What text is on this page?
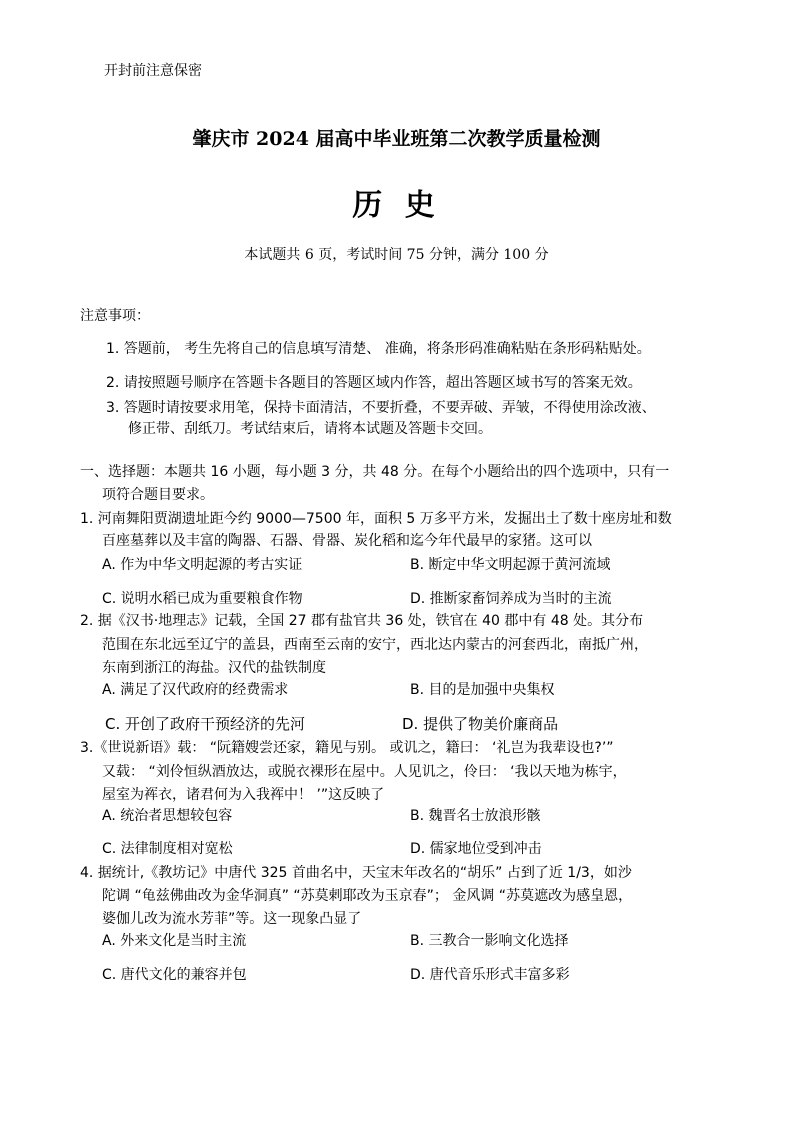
开封前注意保密
肇庆市 2024 届高中毕业班第二次教学质量检测
历 史
本试题共 6 页，考试时间 75 分钟，满分 100 分
注意事项：
1. 答题前， 考生先将自己的信息填写清楚、 准确，将条形码准确粘贴在条形码粘贴处。
2. 请按照题号顺序在答题卡各题目的答题区域内作答，超出答题区域书写的答案无效。
3. 答题时请按要求用笔，保持卡面清洁，不要折叠，不要弄破、弄皱，不得使用涂改液、
修正带、刮纸刀。考试结束后，请将本试题及答题卡交回。
一、选择题：本题共 16 小题，每小题 3 分，共 48 分。在每个小题给出的四个选项中，只有一
项符合题目要求。
1. 河南舞阳贾湖遗址距今约 9000—7500 年，面积 5 万多平方米，发掘出土了数十座房址和数
百座墓葬以及丰富的陶器、石器、骨器、炭化稻和迄今年代最早的家猪。这可以
A. 作为中华文明起源的考古实证	B. 断定中华文明起源于黄河流域
C. 说明水稻已成为重要粮食作物	D. 推断家畜饲养成为当时的主流
2. 据《汉书·地理志》记载，全国 27 郡有盐官共 36 处，铁官在 40 郡中有 48 处。其分布
范围在东北远至辽宁的盖县，西南至云南的安宁，西北达内蒙古的河套西北，南抵广州，
东南到浙江的海盐。汉代的盐铁制度
A. 满足了汉代政府的经费需求	B. 目的是加强中央集权
C. 开创了政府干预经济的先河	D. 提供了物美价廉商品
3.《世说新语》载： “阮籍嫂尝还家，籍见与别。 或讥之，籍曰： ‘礼岂为我辈设也?’”
又载： “刘伶恒纵酒放达，或脱衣裸形在屋中。人见讥之，伶曰： ‘我以天地为栋宇，
屋室为裈衣，诸君何为入我裈中！ ’”这反映了
A. 统治者思想较包容	B. 魏晋名士放浪形骸
C. 法律制度相对宽松	D. 儒家地位受到冲击
4. 据统计,《教坊记》中唐代 325 首曲名中，天宝末年改名的“胡乐” 占到了近 1/3，如沙
陀调 “龟兹佛曲改为金华洞真” “苏莫剌耶改为玉京春”； 金风调 “苏莫遮改为感皇恩，
婆伽儿改为流水芳菲”等。这一现象凸显了
A. 外来文化是当时主流	B. 三教合一影响文化选择
C. 唐代文化的兼容并包	D. 唐代音乐形式丰富多彩
